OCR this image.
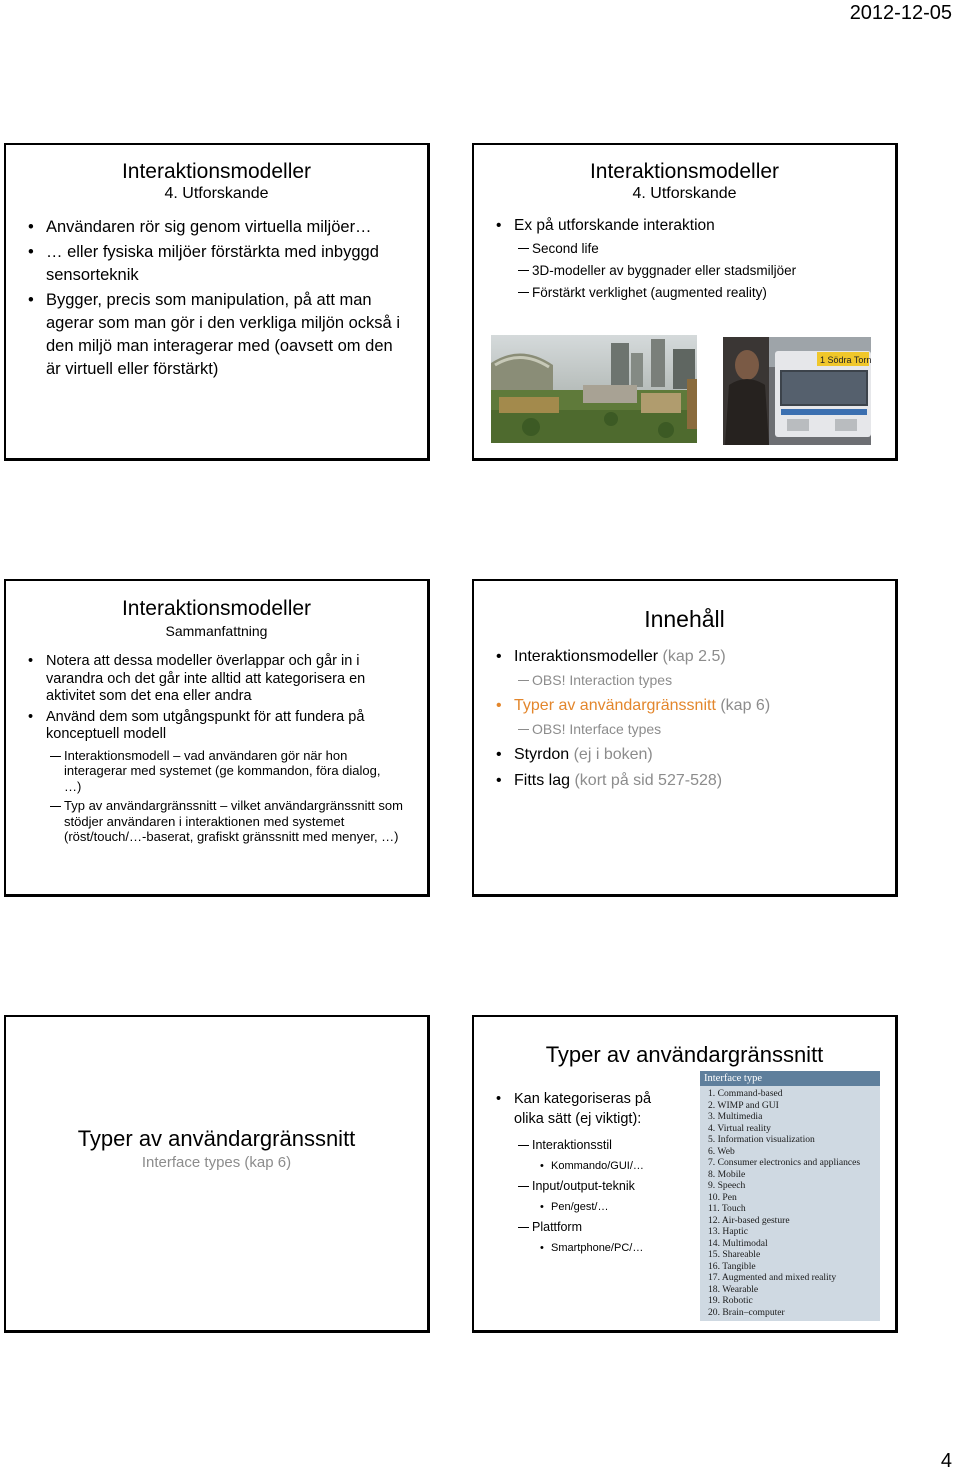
2012-12-05
Interaktionsmodeller
4. Utforskande
• Användaren rör sig genom virtuella miljöer…
• … eller fysiska miljöer förstärkta med inbyggd sensorteknik
• Bygger, precis som manipulation, på att man agerar som man gör i den verkliga miljön också i den miljö man interagerar med (oavsett om den är virtuell eller förstärkt)
Interaktionsmodeller
4. Utforskande
• Ex på utforskande interaktion
Second life
3D-modeller av byggnader eller stadsmiljöer
Förstärkt verklighet (augmented reality)
1 Södra Torn
Interaktionsmodeller
Sammanfattning
• Notera att dessa modeller överlappar och går in i varandra och det går inte alltid att kategorisera en aktivitet som det ena eller andra
• Använd dem som utgångspunkt för att fundera på konceptuell modell
Interaktionsmodell – vad användaren gör när hon interagerar med systemet (ge kommandon, föra dialog, …)
Typ av användargränssnitt – vilket användargränssnitt som stödjer användaren i interaktionen med systemet (röst/touch/…-baserat, grafiskt gränssnitt med menyer, …)
Innehåll
• Interaktionsmodeller (kap 2.5)
OBS! Interaction types
• Typer av användargränssnitt (kap 6)
OBS! Interface types
• Styrdon (ej i boken)
• Fitts lag (kort på sid 527-528)
Typer av användargränssnitt
Interface types (kap 6)
Typer av användargränssnitt
• Kan kategoriseras på olika sätt (ej viktigt):
Interaktionsstil
• Kommando/GUI/…
Input/output-teknik
• Pen/gest/…
Plattform
• Smartphone/PC/…
Interface type
1. Command-based
2. WIMP and GUI
3. Multimedia
4. Virtual reality
5. Information visualization
6. Web
7. Consumer electronics and appliances
8. Mobile
9. Speech
10. Pen
11. Touch
12. Air-based gesture
13. Haptic
14. Multimodal
15. Shareable
16. Tangible
17. Augmented and mixed reality
18. Wearable
19. Robotic
20. Brain–computer
4
